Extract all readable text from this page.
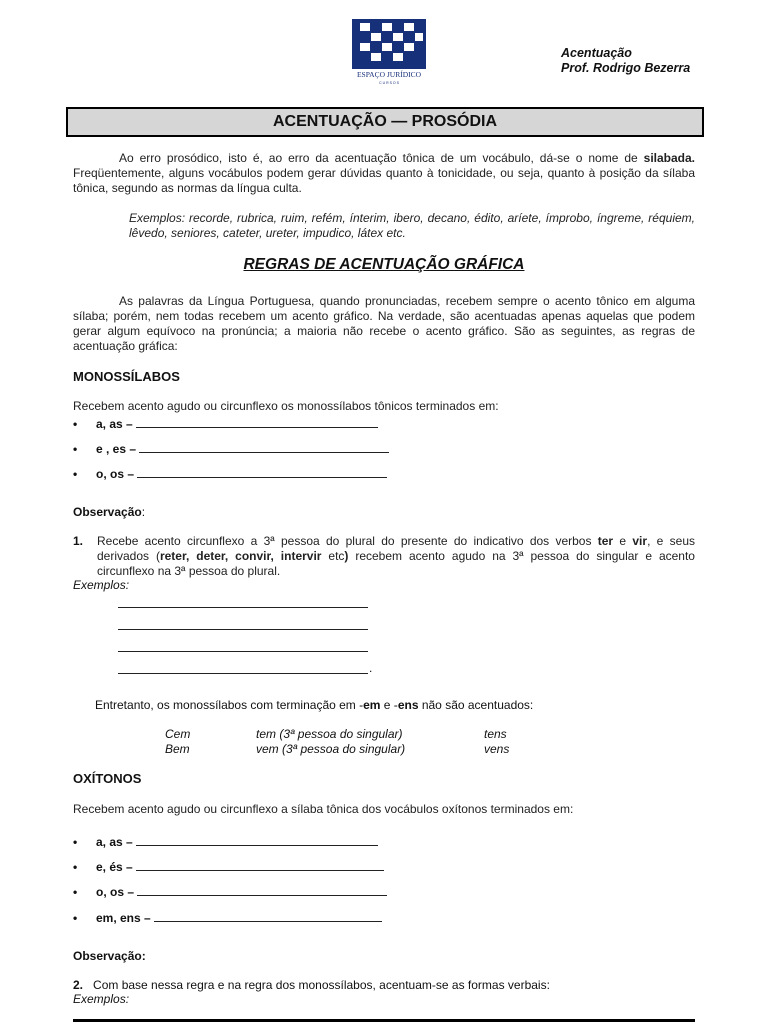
ESPAÇO JURÍDICO
C U R S O S
Acentuação
Prof. Rodrigo Bezerra
ACENTUAÇÃO — PROSÓDIA
Ao erro prosódico, isto é, ao erro da acentuação tônica de um vocábulo, dá-se o nome de silabada. Freqüentemente, alguns vocábulos podem gerar dúvidas quanto à tonicidade, ou seja, quanto à posição da sílaba tônica, segundo as normas da língua culta.
Exemplos: recorde, rubrica, ruim, refém, ínterim, ibero, decano, édito, aríete, ímprobo, íngreme, réquiem, lêvedo, seniores, cateter, ureter, impudico, látex etc.
REGRAS DE ACENTUAÇÃO GRÁFICA
As palavras da Língua Portuguesa, quando pronunciadas, recebem sempre o acento tônico em alguma sílaba; porém, nem todas recebem um acento gráfico. Na verdade, são acentuadas apenas aquelas que podem gerar algum equívoco na pronúncia; a maioria não recebe o acento gráfico. São as seguintes, as regras de acentuação gráfica:
MONOSSÍLABOS
Recebem acento agudo ou circunflexo os monossílabos tônicos terminados em:
• a, as –
• e , es –
• o, os –
Observação:
1. Recebe acento circunflexo a 3ª pessoa do plural do presente do indicativo dos verbos ter e vir, e seus derivados (reter, deter, convir, intervir etc) recebem acento agudo na 3ª pessoa do singular e acento circunflexo na 3ª pessoa do plural.
Exemplos:
.
Entretanto, os monossílabos com terminação em -em e -ens não são acentuados:
Cem	tem (3ª pessoa do singular)	tens
Bem	vem (3ª pessoa do singular)	vens
OXÍTONOS
Recebem acento agudo ou circunflexo a sílaba tônica dos vocábulos oxítonos terminados em:
• a, as –
• e, és –
• o, os –
• em, ens –
Observação:
2. Com base nessa regra e na regra dos monossílabos, acentuam-se as formas verbais:
Exemplos:
